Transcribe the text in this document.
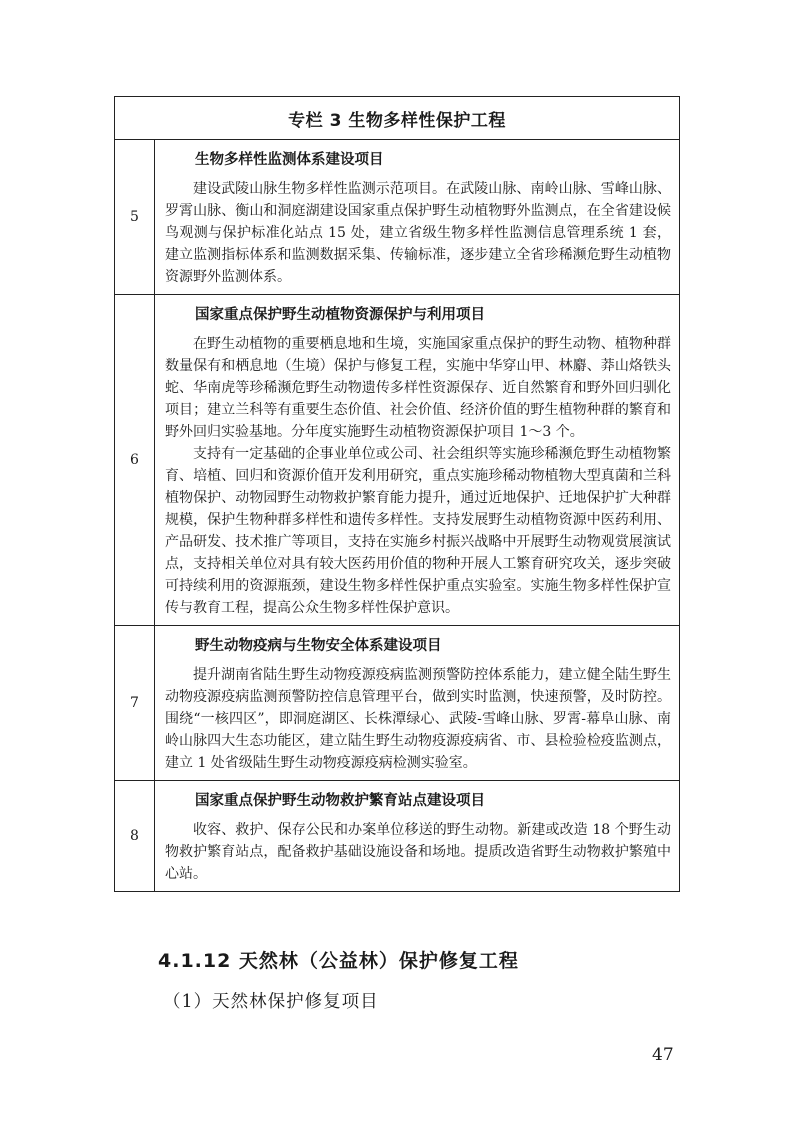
专栏 3 生物多样性保护工程	
5	生物多样性监测体系建设项目

建设武陵山脉生物多样性监测示范项目。在武陵山脉、南岭山脉、雪峰山脉、罗霄山脉、衡山和洞庭湖建设国家重点保护野生动植物野外监测点，在全省建设候鸟观测与保护标准化站点 15 处，建立省级生物多样性监测信息管理系统 1 套，建立监测指标体系和监测数据采集、传输标准，逐步建立全省珍稀濒危野生动植物资源野外监测体系。

6	国家重点保护野生动植物资源保护与利用项目

在野生动植物的重要栖息地和生境，实施国家重点保护的野生动物、植物种群数量保有和栖息地（生境）保护与修复工程，实施中华穿山甲、林麝、莽山烙铁头蛇、华南虎等珍稀濒危野生动物遗传多样性资源保存、近自然繁育和野外回归驯化项目；建立兰科等有重要生态价值、社会价值、经济价值的野生植物种群的繁育和野外回归实验基地。分年度实施野生动植物资源保护项目 1～3 个。

支持有一定基础的企事业单位或公司、社会组织等实施珍稀濒危野生动植物繁育、培植、回归和资源价值开发利用研究，重点实施珍稀动物植物大型真菌和兰科植物保护、动物园野生动物救护繁育能力提升，通过近地保护、迁地保护扩大种群规模，保护生物种群多样性和遗传多样性。支持发展野生动植物资源中医药利用、产品研发、技术推广等项目，支持在实施乡村振兴战略中开展野生动物观赏展演试点，支持相关单位对具有较大医药用价值的物种开展人工繁育研究攻关，逐步突破可持续利用的资源瓶颈，建设生物多样性保护重点实验室。实施生物多样性保护宣传与教育工程，提高公众生物多样性保护意识。

7	野生动物疫病与生物安全体系建设项目

提升湖南省陆生野生动物疫源疫病监测预警防控体系能力，建立健全陆生野生动物疫源疫病监测预警防控信息管理平台，做到实时监测，快速预警，及时防控。围绕“一核四区”，即洞庭湖区、长株潭绿心、武陵-雪峰山脉、罗霄-幕阜山脉、南岭山脉四大生态功能区，建立陆生野生动物疫源疫病省、市、县检验检疫监测点，建立 1 处省级陆生野生动物疫源疫病检测实验室。

8	国家重点保护野生动物救护繁育站点建设项目

收容、救护、保存公民和办案单位移送的野生动物。新建或改造 18 个野生动物救护繁育站点，配备救护基础设施设备和场地。提质改造省野生动物救护繁殖中心站。

4.1.12 天然林（公益林）保护修复工程
（1）天然林保护修复项目
47
